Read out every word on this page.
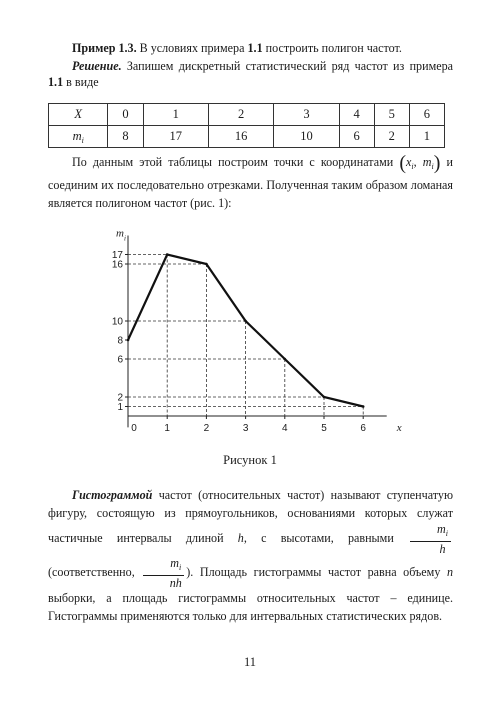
Пример 1.3. В условиях примера 1.1 построить полигон частот.

Решение. Запишем дискретный статистический ряд частот из примера 1.1 в виде

X	0	1	2	3	4	5	6
$m_i$	8	17	16	10	6	2	1

По данным этой таблицы построим точки с координатами ($x_i$, $m_i$) и соединим их последовательно отрезками. Полученная таким образом ломаная является полигоном частот (рис. 1):

1
2
6
8
10
16
17
0	1	2	3	4	5	6	x
m i
Рисунок 1

Гистограммой частот (относительных частот) называют ступенчатую фигуру, состоящую из прямоугольников, основаниями которых служат частичные интервалы длиной h, с высотами, равными $\frac{m_i}{h}$
(соответственно, $\frac{m_i}{nh}$ ). Площадь гистограммы частот равна объему n выборки, а площадь гистограммы относительных частот – единице. Гистограммы применяются только для интервальных статистических рядов.

11
